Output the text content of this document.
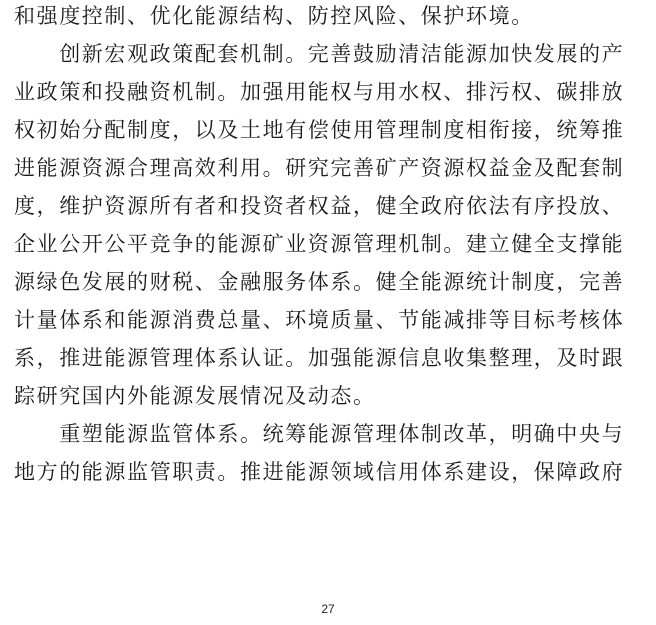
和强度控制、优化能源结构、防控风险、保护环境。
　　创新宏观政策配套机制。完善鼓励清洁能源加快发展的产
业政策和投融资机制。加强用能权与用水权、排污权、碳排放
权初始分配制度，以及土地有偿使用管理制度相衔接，统筹推
进能源资源合理高效利用。研究完善矿产资源权益金及配套制
度，维护资源所有者和投资者权益，健全政府依法有序投放、
企业公开公平竞争的能源矿业资源管理机制。建立健全支撑能
源绿色发展的财税、金融服务体系。健全能源统计制度，完善
计量体系和能源消费总量、环境质量、节能减排等目标考核体
系，推进能源管理体系认证。加强能源信息收集整理，及时跟
踪研究国内外能源发展情况及动态。
　　重塑能源监管体系。统筹能源管理体制改革，明确中央与
地方的能源监管职责。推进能源领域信用体系建设，保障政府
27
